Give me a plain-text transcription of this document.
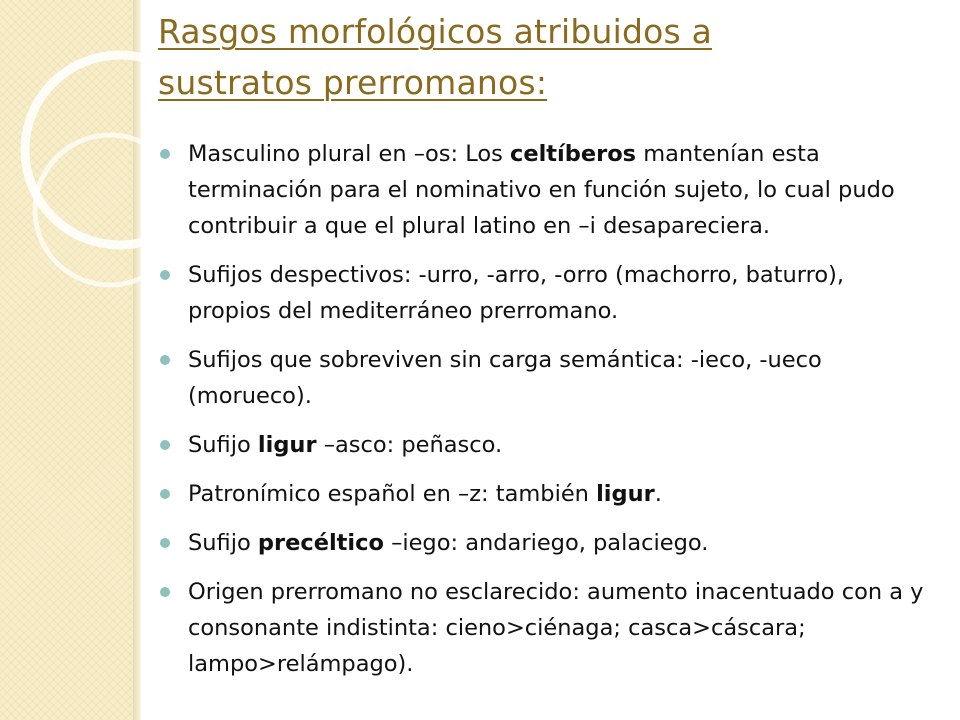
Rasgos morfológicos atribuidos a
sustratos prerromanos:
Masculino plural en –os: Los celtíberos mantenían esta terminación para el nominativo en función sujeto, lo cual pudo contribuir a que el plural latino en –i desapareciera.
Sufijos despectivos: -urro, -arro, -orro (machorro, baturro), propios del mediterráneo prerromano.
Sufijos que sobreviven sin carga semántica: -ieco, -ueco (morueco).
Sufijo ligur –asco: peñasco.
Patronímico español en –z: también ligur.
Sufijo precéltico –iego: andariego, palaciego.
Origen prerromano no esclarecido: aumento inacentuado con a y consonante indistinta: cieno>ciénaga; casca>cáscara; lampo>relámpago).
